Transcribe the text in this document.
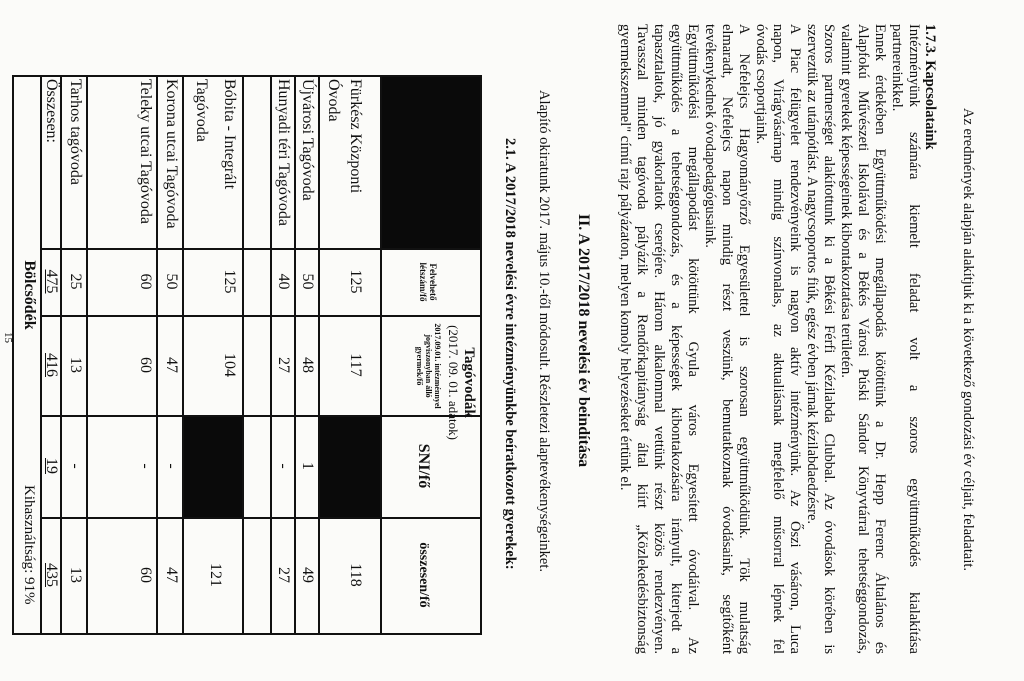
Az eredmények alapján alakítjuk ki a következő gondozási év céljait, feladatait.
1.7.3. Kapcsolataink
Intézményünk számára kiemelt feladat volt a szoros együttműködés kialakítása
partnereinkkel.
Ennek érdekében Együttműködési megállapodás kötöttünk a Dr. Hepp Ferenc Általános és
Alapfokú Művészeti Iskolával és a Békés Városi Púski Sándor Könyvtárral tehetséggondozás,
valamint gyerekek képességeinek kibontakoztatása területén.
Szoros partnerséget alakítottunk ki a Békési Férfi Kézilabda Clubbal. Az óvodások körében is
szerveztük az utánpótlást. A nagycsoportos fiúk, egész évben járnak kézilabdaedzésre.
A Piac felügyelet rendezvényeink is nagyon aktív intézményünk. Az Őszi vásáron, Luca
napon, Virágvásárnap mindig színvonalas, az aktualiásnak megfelelő műsorral lépnek fel
óvodás csoportjaink.
A Nefelejcs Hagyományőrző Egyesülettel is szorosan együttműködünk. Tök mulatság
elmaradt, Nefelejcs napon mindig részt veszünk, bemutatkoznak óvodásaink, segítőként
tevékenykednek óvodapedagógusaink.
Együttműködési megállapodást kötöttünk Gyula város Egyesített óvodáival. Az
együttműködés a tehetséggondozás, és a képességek kibontakozására irányult, kiterjedt a
tapasztalatok, jó gyakorlatok cseréjére. Három alkalommal vettünk részt közös rendezvényen.
Tavasszal minden tagóvoda pályázik a Rendőrkapitányság által kiírt „Közlekedésbiztonság
gyermekszemmel" című rajz pályázaton, melyen komoly helyezéseket értünk el.
II. A 2017/2018 nevelési év beindítása
Alapító okiratunk 2017. május 10.-től módosult. Részletezi alaptevékenységeinket.
2.1. A 2017/2018 nevelési évre intézményünkbe beíratkozott gyerekek:
Tagóvodák
(2017. 09. 01. adatok)
Felvehető létszám/fő
2017.09.01. intézménnyel jogviszonyban álló gyermek/fő
SNI/fő
összesen/fő
Fürkész Központi
Óvoda
125
117
118
Újvárosi Tagóvoda
50
48
1
49
Hunyadi téri Tagóvoda
40
27
-
27
Bóbita - Integrált
Tagóvoda
125
104
121
Korona utcai Tagóvoda
50
47
-
47
Teleky utcai Tagóvoda
60
60
-
60
Tarhos tagóvoda
25
13
-
13
Összesen:
475
416
19
435
Kihasználtság: 91%
Bölcsődék
15
